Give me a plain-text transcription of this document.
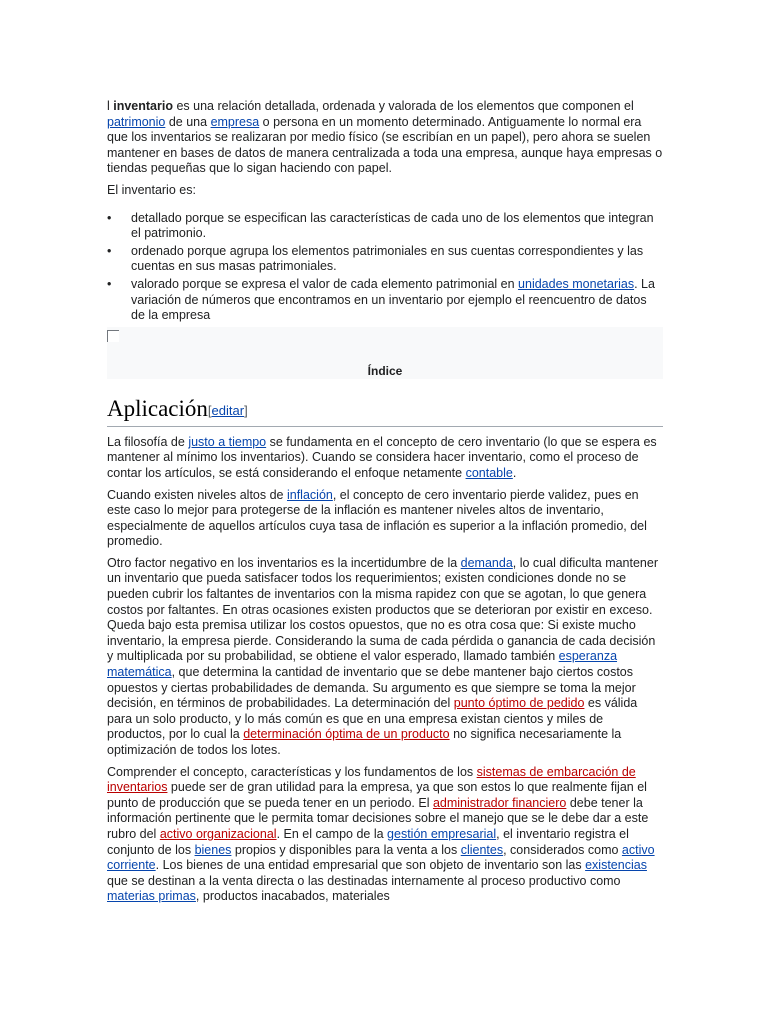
l inventario es una relación detallada, ordenada y valorada de los elementos que componen el patrimonio de una empresa o persona en un momento determinado. Antiguamente lo normal era que los inventarios se realizaran por medio físico (se escribían en un papel), pero ahora se suelen mantener en bases de datos de manera centralizada a toda una empresa, aunque haya empresas o tiendas pequeñas que lo sigan haciendo con papel.

El inventario es:

• detallado porque se especifican las características de cada uno de los elementos que integran el patrimonio.
• ordenado porque agrupa los elementos patrimoniales en sus cuentas correspondientes y las cuentas en sus masas patrimoniales.
• valorado porque se expresa el valor de cada elemento patrimonial en unidades monetarias. La variación de números que encontramos en un inventario por ejemplo el reencuentro de datos de la empresa
Índice
Aplicación[editar]

La filosofía de justo a tiempo se fundamenta en el concepto de cero inventario (lo que se espera es mantener al mínimo los inventarios). Cuando se considera hacer inventario, como el proceso de contar los artículos, se está considerando el enfoque netamente contable.

Cuando existen niveles altos de inflación, el concepto de cero inventario pierde validez, pues en este caso lo mejor para protegerse de la inflación es mantener niveles altos de inventario, especialmente de aquellos artículos cuya tasa de inflación es superior a la inflación promedio, del promedio.

Otro factor negativo en los inventarios es la incertidumbre de la demanda, lo cual dificulta mantener un inventario que pueda satisfacer todos los requerimientos; existen condiciones donde no se pueden cubrir los faltantes de inventarios con la misma rapidez con que se agotan, lo que genera costos por faltantes. En otras ocasiones existen productos que se deterioran por existir en exceso. Queda bajo esta premisa utilizar los costos opuestos, que no es otra cosa que: Si existe mucho inventario, la empresa pierde. Considerando la suma de cada pérdida o ganancia de cada decisión y multiplicada por su probabilidad, se obtiene el valor esperado, llamado también esperanza matemática, que determina la cantidad de inventario que se debe mantener bajo ciertos costos opuestos y ciertas probabilidades de demanda. Su argumento es que siempre se toma la mejor decisión, en términos de probabilidades. La determinación del punto óptimo de pedido es válida para un solo producto, y lo más común es que en una empresa existan cientos y miles de productos, por lo cual la determinación óptima de un producto no significa necesariamente la optimización de todos los lotes.

Comprender el concepto, características y los fundamentos de los sistemas de embarcación de inventarios puede ser de gran utilidad para la empresa, ya que son estos lo que realmente fijan el punto de producción que se pueda tener en un periodo. El administrador financiero debe tener la información pertinente que le permita tomar decisiones sobre el manejo que se le debe dar a este rubro del activo organizacional. En el campo de la gestión empresarial, el inventario registra el conjunto de los bienes propios y disponibles para la venta a los clientes, considerados como activo corriente. Los bienes de una entidad empresarial que son objeto de inventario son las existencias que se destinan a la venta directa o las destinadas internamente al proceso productivo como materias primas, productos inacabados, materiales
